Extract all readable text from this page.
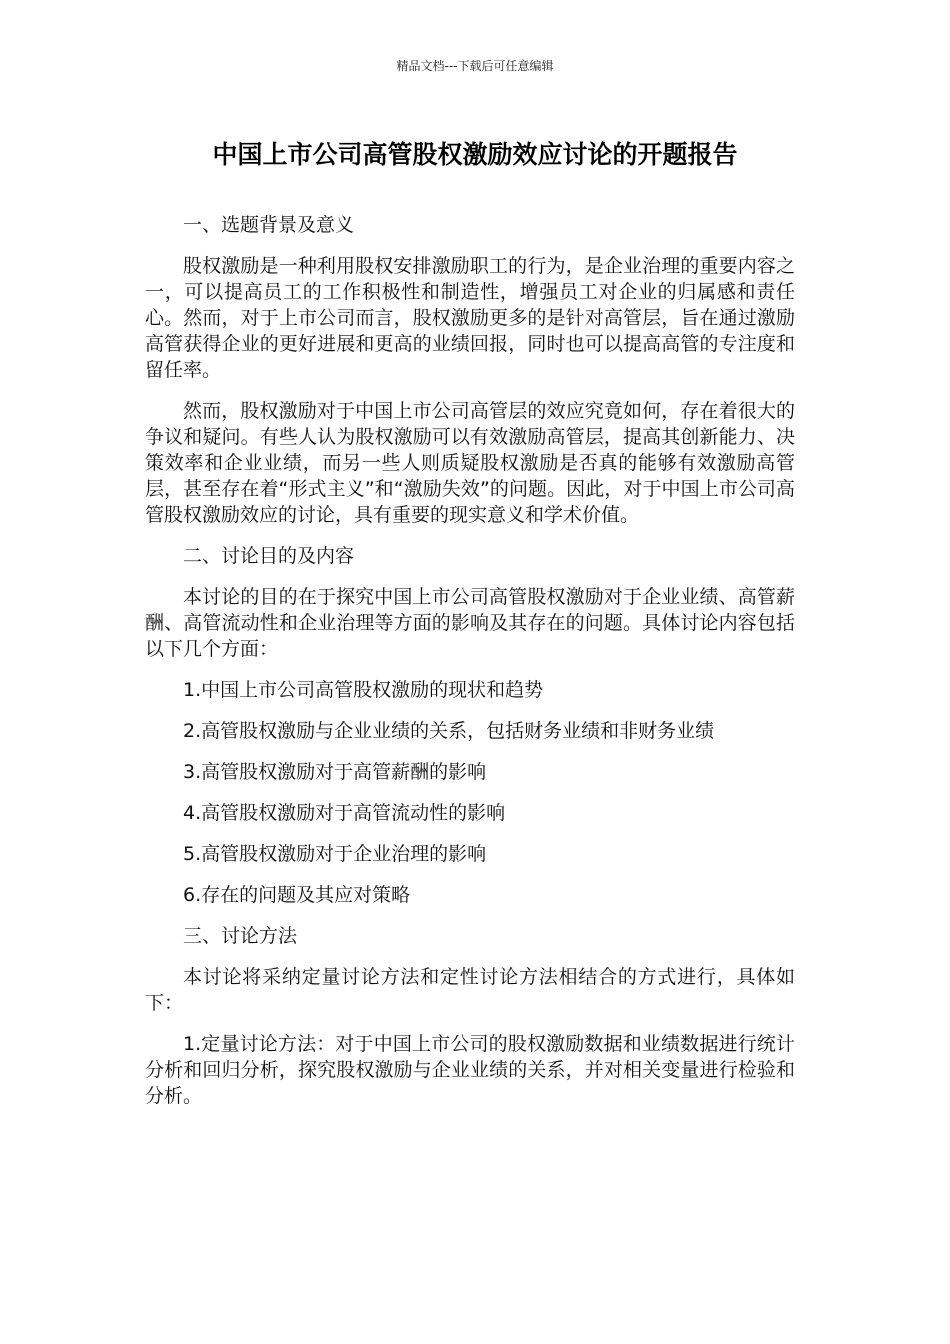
精品文档---下载后可任意编辑
中国上市公司高管股权激励效应讨论的开题报告

一、选题背景及意义

股权激励是一种利用股权安排激励职工的行为，是企业治理的重要内容之一，可以提高员工的工作积极性和制造性，增强员工对企业的归属感和责任心。然而，对于上市公司而言，股权激励更多的是针对高管层，旨在通过激励高管获得企业的更好进展和更高的业绩回报，同时也可以提高高管的专注度和留任率。

然而，股权激励对于中国上市公司高管层的效应究竟如何，存在着很大的争议和疑问。有些人认为股权激励可以有效激励高管层，提高其创新能力、决策效率和企业业绩，而另一些人则质疑股权激励是否真的能够有效激励高管层，甚至存在着“形式主义”和“激励失效”的问题。因此，对于中国上市公司高管股权激励效应的讨论，具有重要的现实意义和学术价值。

二、讨论目的及内容

本讨论的目的在于探究中国上市公司高管股权激励对于企业业绩、高管薪酬、高管流动性和企业治理等方面的影响及其存在的问题。具体讨论内容包括以下几个方面：

1.中国上市公司高管股权激励的现状和趋势

2.高管股权激励与企业业绩的关系，包括财务业绩和非财务业绩

3.高管股权激励对于高管薪酬的影响

4.高管股权激励对于高管流动性的影响

5.高管股权激励对于企业治理的影响

6.存在的问题及其应对策略

三、讨论方法

本讨论将采纳定量讨论方法和定性讨论方法相结合的方式进行，具体如下：

1.定量讨论方法：对于中国上市公司的股权激励数据和业绩数据进行统计分析和回归分析，探究股权激励与企业业绩的关系，并对相关变量进行检验和分析。
